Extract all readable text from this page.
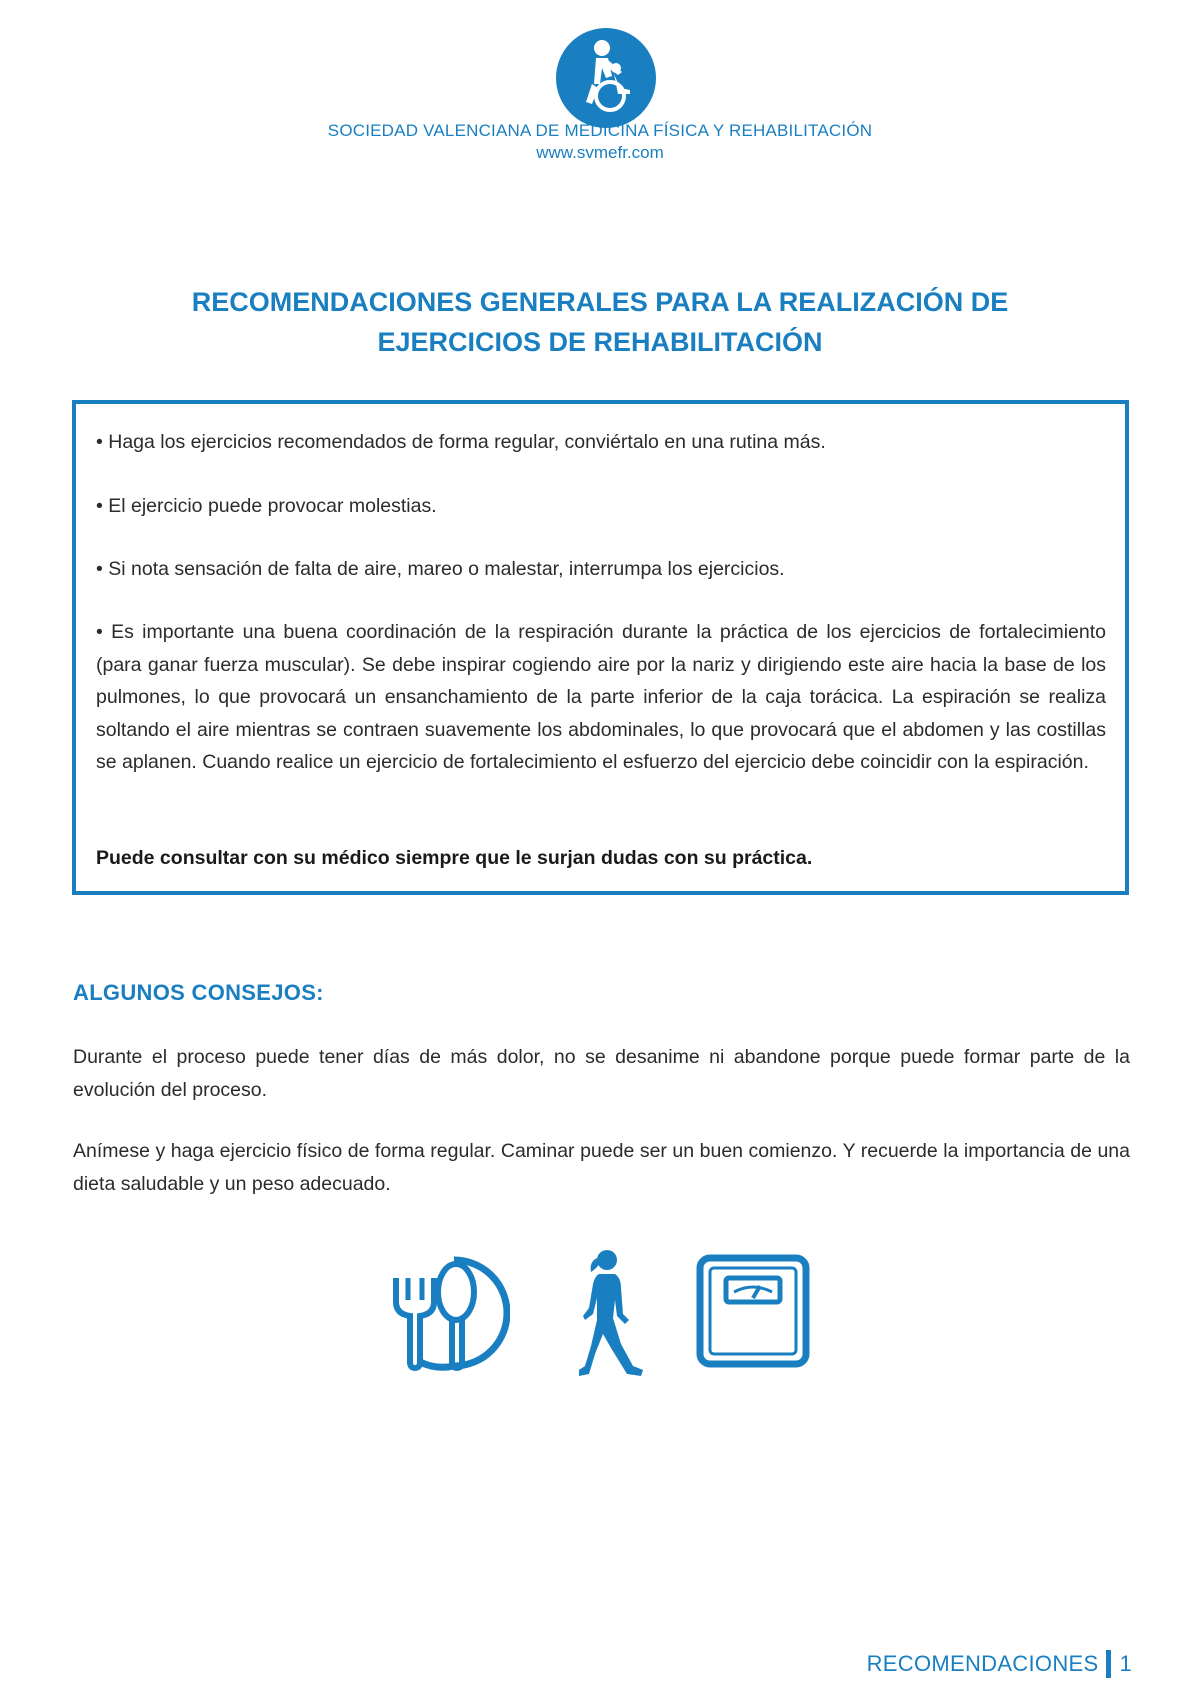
SOCIEDAD VALENCIANA DE MEDICINA FÍSICA Y REHABILITACIÓN
www.svmefr.com
RECOMENDACIONES GENERALES PARA LA REALIZACIÓN DE
EJERCICIOS DE REHABILITACIÓN
• Haga los ejercicios recomendados de forma regular, conviértalo en una rutina más.
• El ejercicio puede provocar molestias.
• Si nota sensación de falta de aire, mareo o malestar, interrumpa los ejercicios.
• Es importante una buena coordinación de la respiración durante la práctica de los ejercicios de fortalecimiento (para ganar fuerza muscular). Se debe inspirar cogiendo aire por la nariz y dirigiendo este aire hacia la base de los pulmones, lo que provocará un ensanchamiento de la parte inferior de la caja torácica. La espiración se realiza soltando el aire mientras se contraen suavemente los abdominales, lo que provocará que el abdomen y las costillas se aplanen. Cuando realice un ejercicio de fortalecimiento el esfuerzo del ejercicio debe coincidir con la espiración.
Puede consultar con su médico siempre que le surjan dudas con su práctica.
ALGUNOS CONSEJOS:
Durante el proceso puede tener días de más dolor, no se desanime ni abandone porque puede formar parte de la evolución del proceso.
Anímese y haga ejercicio físico de forma regular. Caminar puede ser un buen comienzo. Y recuerde la importancia de una dieta saludable y un peso adecuado.
RECOMENDACIONES 1
